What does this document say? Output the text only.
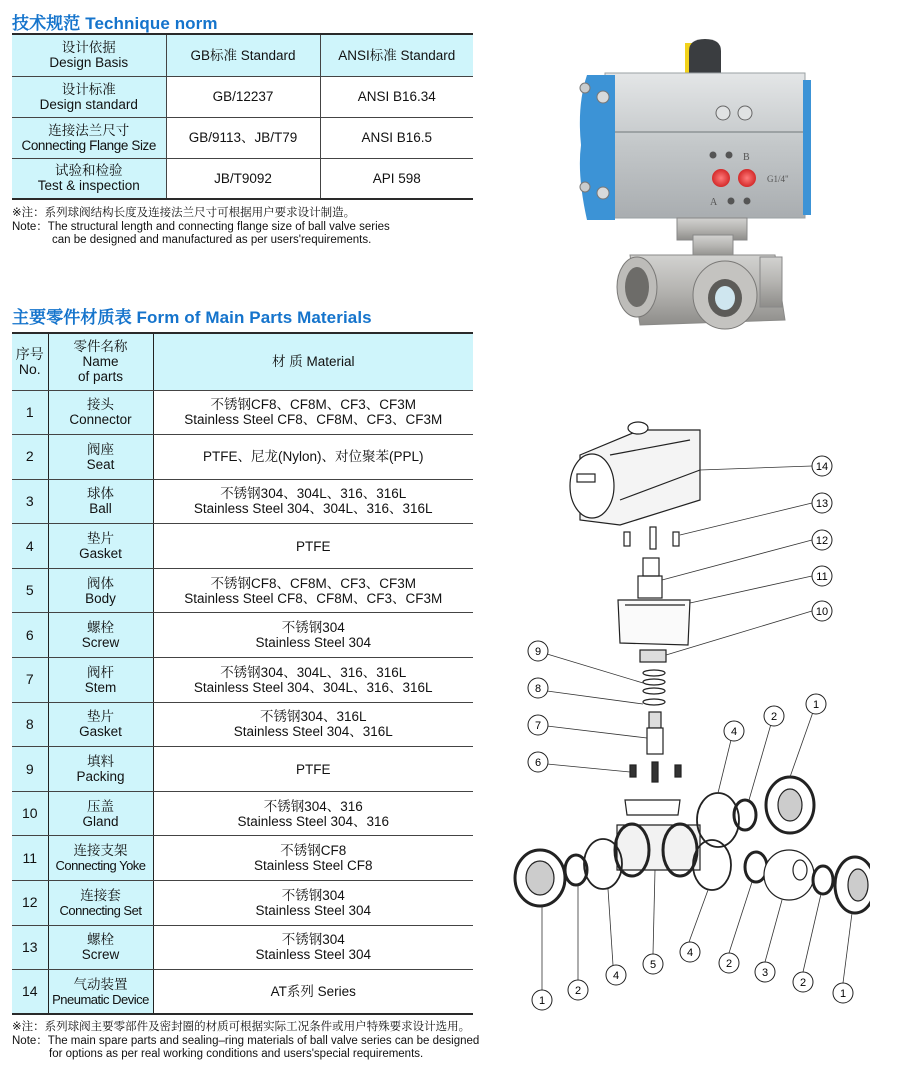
技术规范 Technique norm
设计依据
Design Basis	GB标准 Standard	ANSI标准 Standard

设计标准
Design standard	GB/12237	ANSI B16.34

连接法兰尺寸
Connecting Flange Size	GB/9113、JB/T79	ANSI B16.5

试验和检验
Test & inspection	JB/T9092	API 598
※注：系列球阀结构长度及连接法兰尺寸可根据用户要求设计制造。
Note：The structural length and connecting flange size of ball valve series
can be designed and manufactured as per users'requirements.
B
G1/4"
A
主要零件材质表 Form of Main Parts Materials
序号
No.	零件名称
Name
of parts	材 质 Material
1	接头
Connector	不锈钢CF8、CF8M、CF3、CF3M
Stainless Steel CF8、CF8M、CF3、CF3M

2	阀座
Seat	PTFE、尼龙(Nylon)、对位聚苯(PPL)

3	球体
Ball	不锈钢304、304L、316、316L
Stainless Steel 304、304L、316、316L

4	垫片
Gasket	PTFE

5	阀体
Body	不锈钢CF8、CF8M、CF3、CF3M
Stainless Steel CF8、CF8M、CF3、CF3M

6	螺栓
Screw	不锈钢304
Stainless Steel 304

7	阀杆
Stem	不锈钢304、304L、316、316L
Stainless Steel 304、304L、316、316L

8	垫片
Gasket	不锈钢304、316L
Stainless Steel 304、316L

9	填料
Packing	PTFE

10	压盖
Gland	不锈钢304、316
Stainless Steel 304、316

11	连接支架
Connecting Yoke	不锈钢CF8
Stainless Steel CF8

12	连接套
Connecting Set	不锈钢304
Stainless Steel 304

13	螺栓
Screw	不锈钢304
Stainless Steel 304

14	气动装置
Pneumatic Device	AT系列 Series
※注：系列球阀主要零部件及密封圈的材质可根据实际工况条件或用户特殊要求设计选用。
Note：The main spare parts and sealing–ring materials of ball valve series can be designed
for options as per real working conditions and users'special requirements.
14
13
12
11
10
9
8
7
6
4
2
1
1
2
4
5
4
2
3
2
1
